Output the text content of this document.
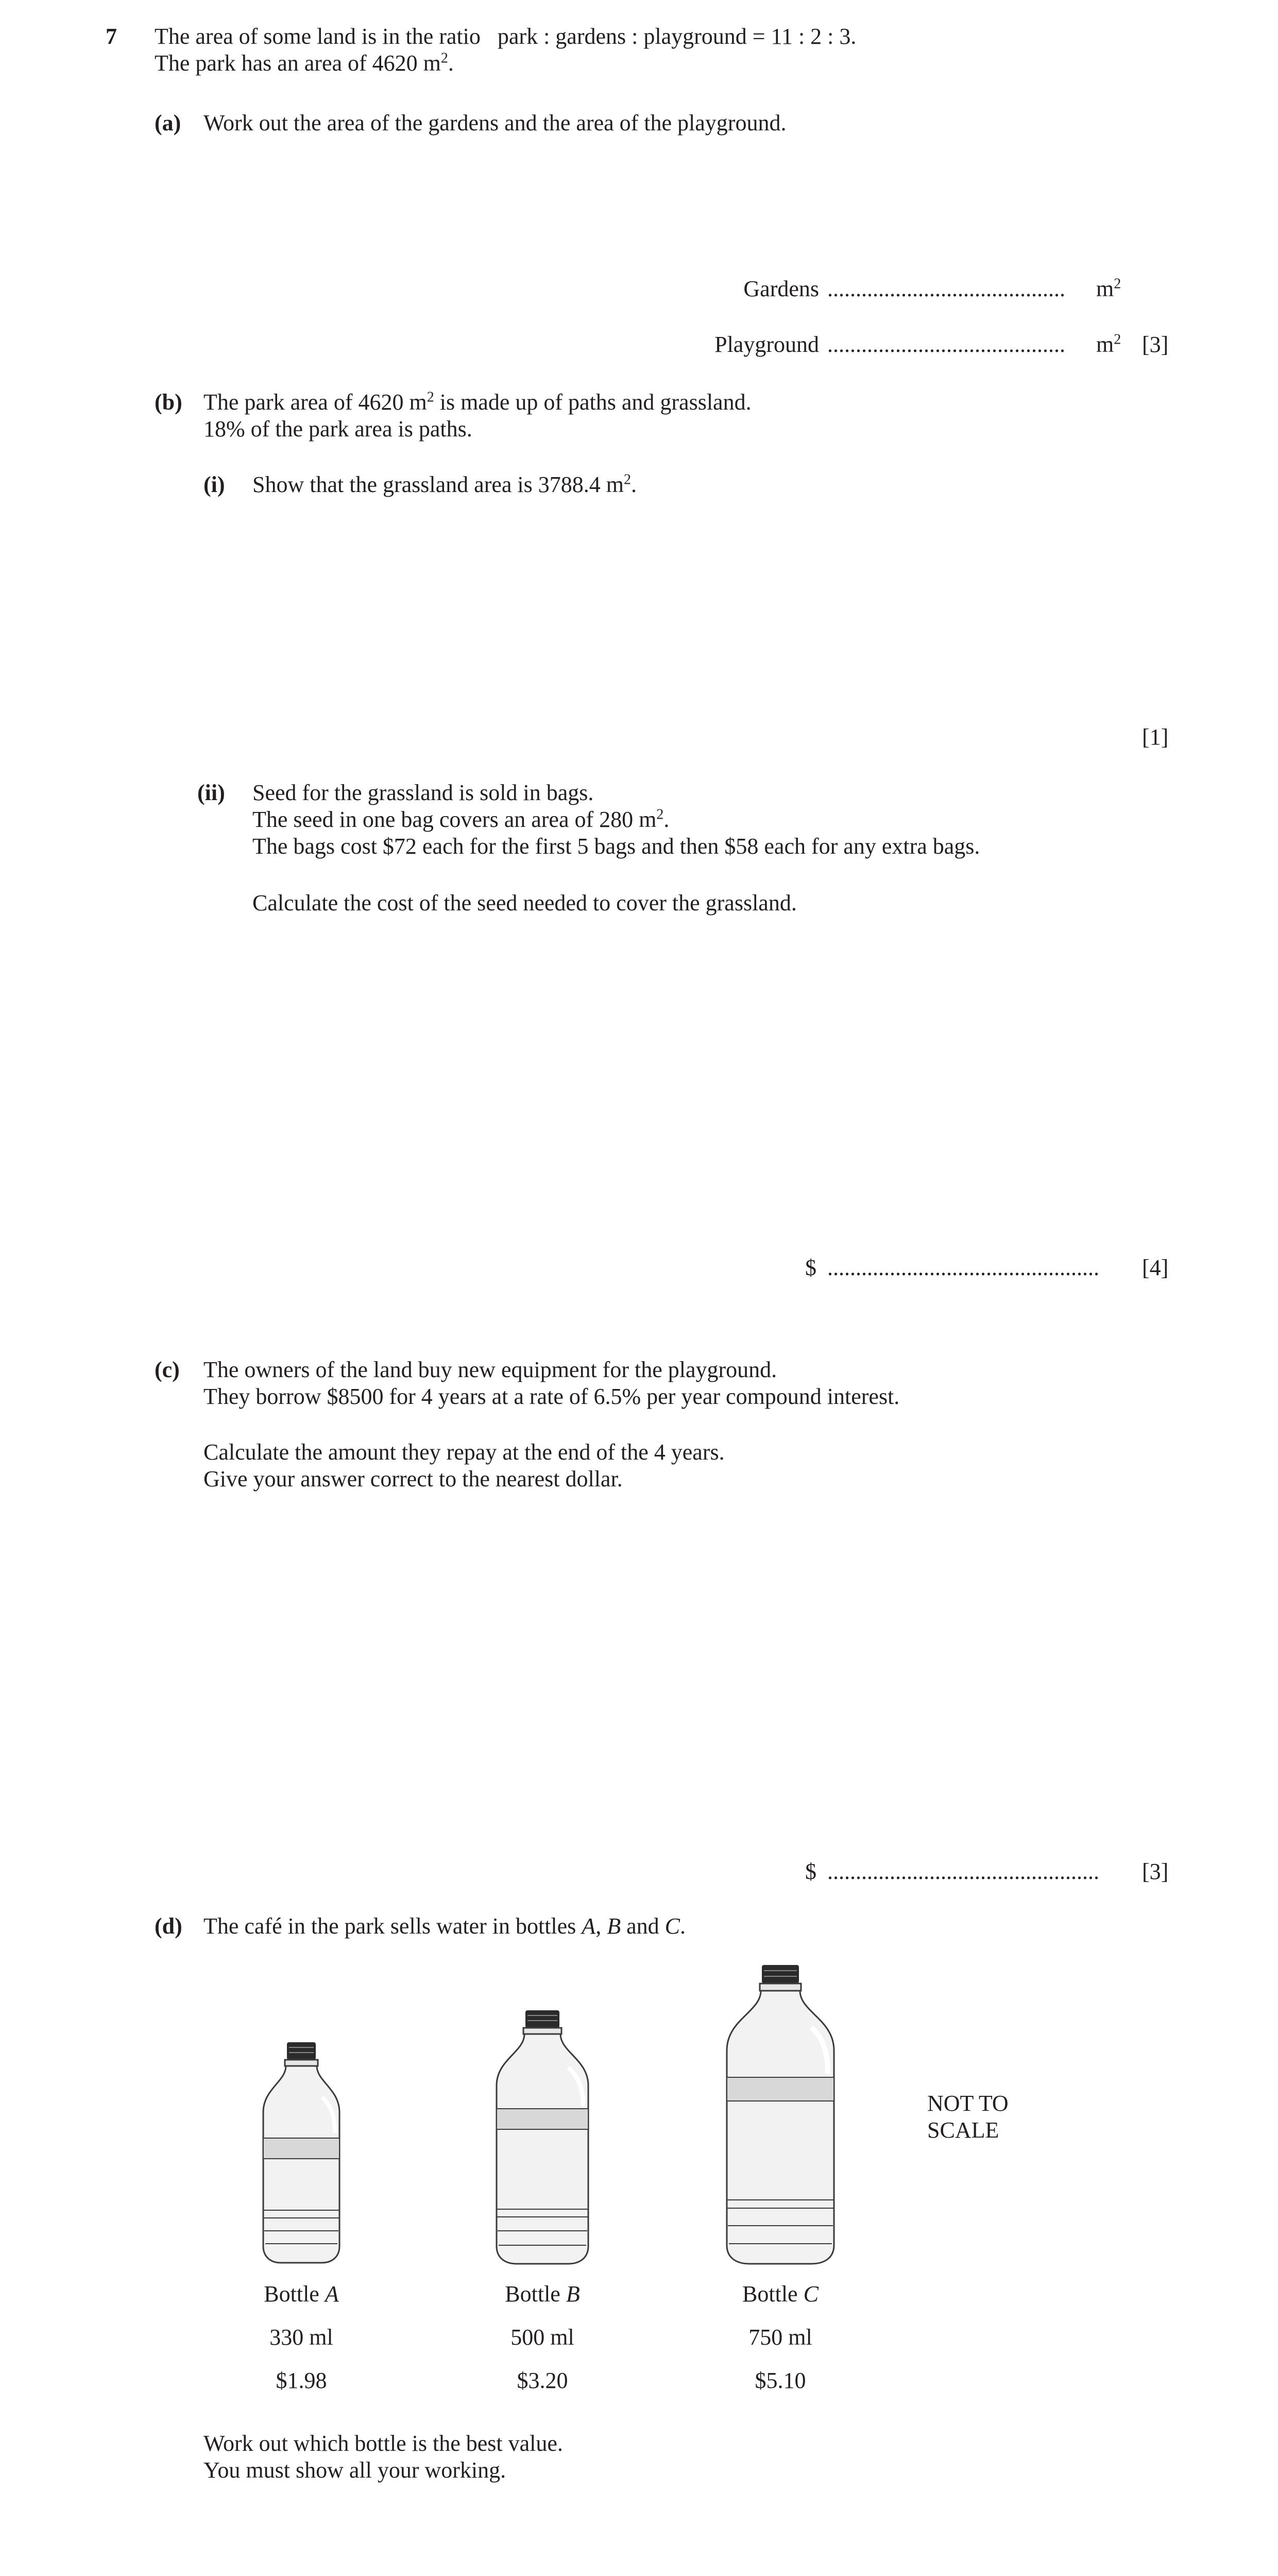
7 The area of some land is in the ratio park : gardens : playground = 11 : 2 : 3.
The park has an area of 4620 $m^2$.
(a) Work out the area of the gardens and the area of the playground.
Gardens .......................................... $m^2$
Playground .......................................... $m^2$ [3]
(b) The park area of 4620 $m^2$ is made up of paths and grassland.
18% of the park area is paths.
(i) Show that the grassland area is 3788.4 $m^2$.
[1]
(ii) Seed for the grassland is sold in bags.
The seed in one bag covers an area of 280 $m^2$.
The bags cost $72 each for the first 5 bags and then $58 each for any extra bags.
Calculate the cost of the seed needed to cover the grassland.
$ ................................................ [4]
(c) The owners of the land buy new equipment for the playground.
They borrow $8500 for 4 years at a rate of 6.5% per year compound interest.
Calculate the amount they repay at the end of the 4 years.
Give your answer correct to the nearest dollar.
$ ................................................ [3]
(d) The café in the park sells water in bottles A, B and C.
NOT TO
SCALE
Bottle A
330 ml
$1.98
Bottle B
500 ml
$3.20
Bottle C
750 ml
$5.10
Work out which bottle is the best value.
You must show all your working.
